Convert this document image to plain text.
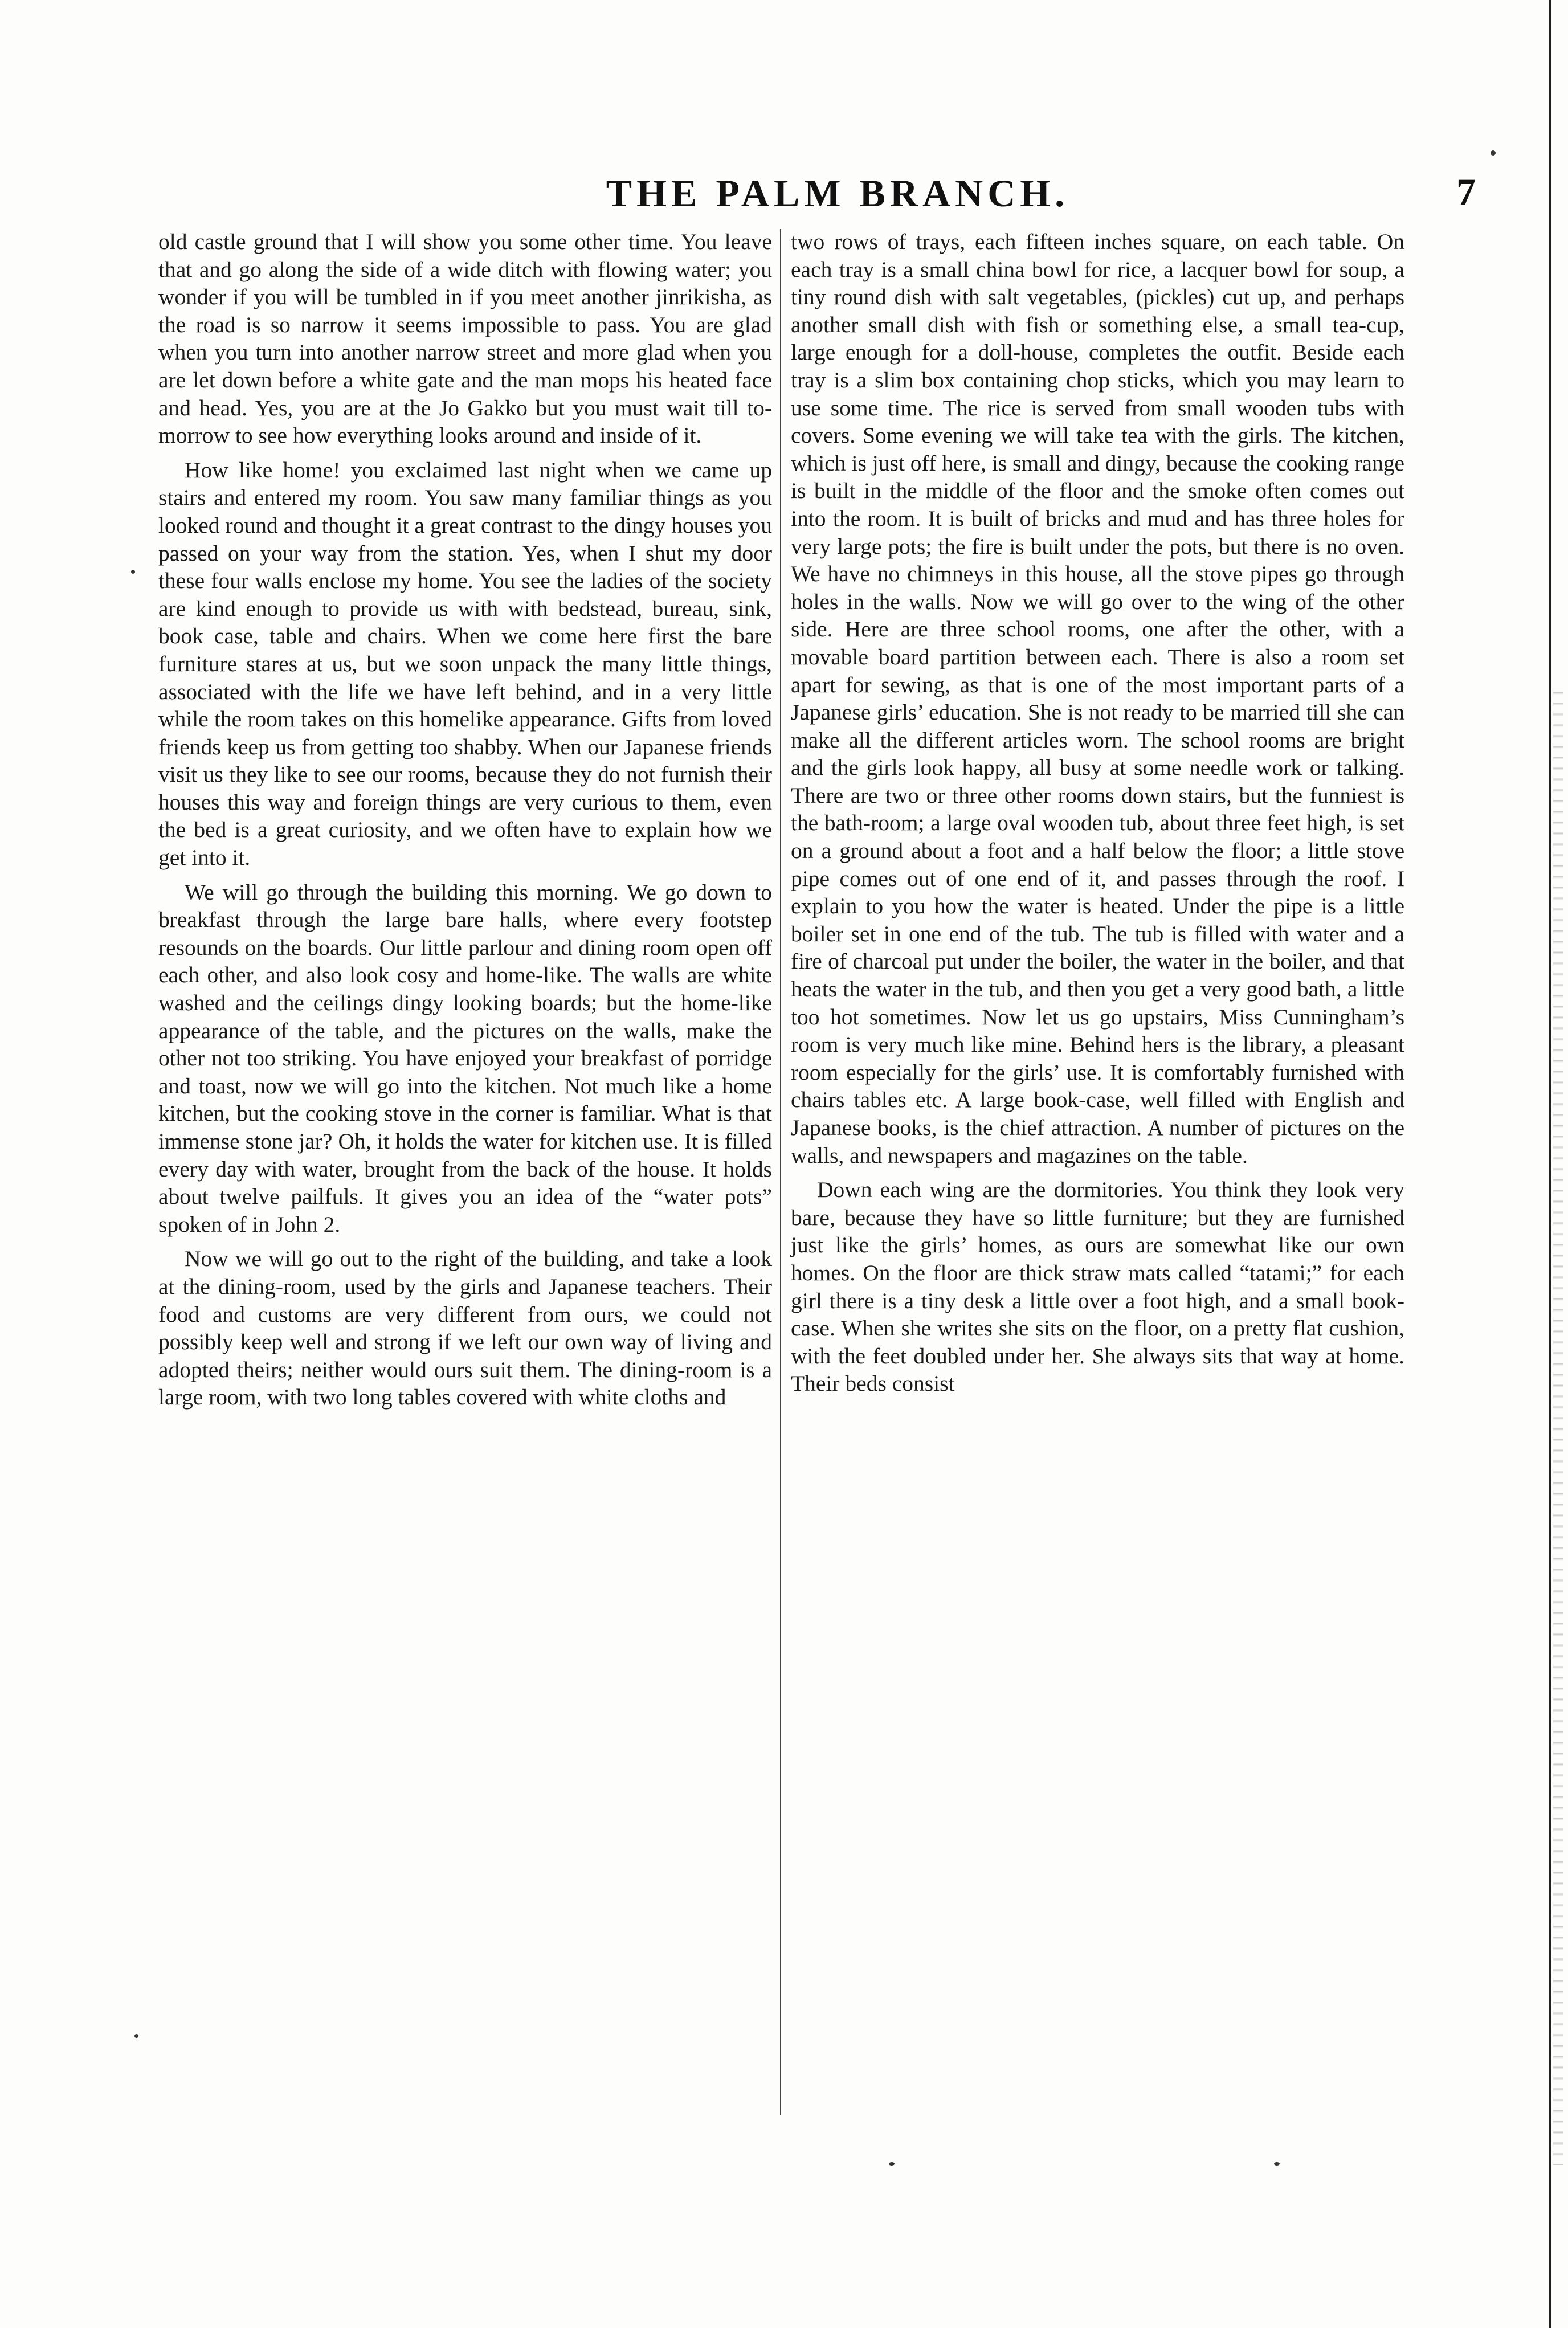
THE PALM BRANCH.	7

old castle ground that I will show you some other time. You leave that and go along the side of a wide ditch with flowing water; you wonder if you will be tumbled in if you meet another jinrikisha, as the road is so narrow it seems impossible to pass. You are glad when you turn into another narrow street and more glad when you are let down before a white gate and the man mops his heated face and head. Yes, you are at the Jo Gakko but you must wait till to-morrow to see how everything looks around and inside of it.

How like home! you exclaimed last night when we came up stairs and entered my room. You saw many familiar things as you looked round and thought it a great contrast to the dingy houses you passed on your way from the station. Yes, when I shut my door these four walls enclose my home. You see the ladies of the society are kind enough to provide us with with bedstead, bureau, sink, book case, table and chairs. When we come here first the bare furniture stares at us, but we soon unpack the many little things, associated with the life we have left behind, and in a very little while the room takes on this homelike appearance. Gifts from loved friends keep us from getting too shabby. When our Japanese friends visit us they like to see our rooms, because they do not furnish their houses this way and foreign things are very curious to them, even the bed is a great curiosity, and we often have to explain how we get into it.

We will go through the building this morning. We go down to breakfast through the large bare halls, where every footstep resounds on the boards. Our little parlour and dining room open off each other, and also look cosy and home-like. The walls are white washed and the ceilings dingy looking boards; but the home-like appearance of the table, and the pictures on the walls, make the other not too striking. You have enjoyed your breakfast of porridge and toast, now we will go into the kitchen. Not much like a home kitchen, but the cooking stove in the corner is familiar. What is that immense stone jar? Oh, it holds the water for kitchen use. It is filled every day with water, brought from the back of the house. It holds about twelve pailfuls. It gives you an idea of the “water pots” spoken of in John 2.

Now we will go out to the right of the building, and take a look at the dining-room, used by the girls and Japanese teachers. Their food and customs are very different from ours, we could not possibly keep well and strong if we left our own way of living and adopted theirs; neither would ours suit them. The dining-room is a large room, with two long tables covered with white cloths and

two rows of trays, each fifteen inches square, on each table. On each tray is a small china bowl for rice, a lacquer bowl for soup, a tiny round dish with salt vegetables, (pickles) cut up, and perhaps another small dish with fish or something else, a small tea-cup, large enough for a doll-house, completes the outfit. Beside each tray is a slim box containing chop sticks, which you may learn to use some time. The rice is served from small wooden tubs with covers. Some evening we will take tea with the girls. The kitchen, which is just off here, is small and dingy, because the cooking range is built in the middle of the floor and the smoke often comes out into the room. It is built of bricks and mud and has three holes for very large pots; the fire is built under the pots, but there is no oven. We have no chimneys in this house, all the stove pipes go through holes in the walls. Now we will go over to the wing of the other side. Here are three school rooms, one after the other, with a movable board partition between each. There is also a room set apart for sewing, as that is one of the most important parts of a Japanese girls’ education. She is not ready to be married till she can make all the different articles worn. The school rooms are bright and the girls look happy, all busy at some needle work or talking. There are two or three other rooms down stairs, but the funniest is the bath-room; a large oval wooden tub, about three feet high, is set on a ground about a foot and a half below the floor; a little stove pipe comes out of one end of it, and passes through the roof. I explain to you how the water is heated. Under the pipe is a little boiler set in one end of the tub. The tub is filled with water and a fire of charcoal put under the boiler, the water in the boiler, and that heats the water in the tub, and then you get a very good bath, a little too hot sometimes. Now let us go upstairs, Miss Cunningham’s room is very much like mine. Behind hers is the library, a pleasant room especially for the girls’ use. It is comfortably furnished with chairs tables etc. A large book-case, well filled with English and Japanese books, is the chief attraction. A number of pictures on the walls, and newspapers and magazines on the table.

Down each wing are the dormitories. You think they look very bare, because they have so little furniture; but they are furnished just like the girls’ homes, as ours are somewhat like our own homes. On the floor are thick straw mats called “tatami;” for each girl there is a tiny desk a little over a foot high, and a small book-case. When she writes she sits on the floor, on a pretty flat cushion, with the feet doubled under her. She always sits that way at home. Their beds consist
